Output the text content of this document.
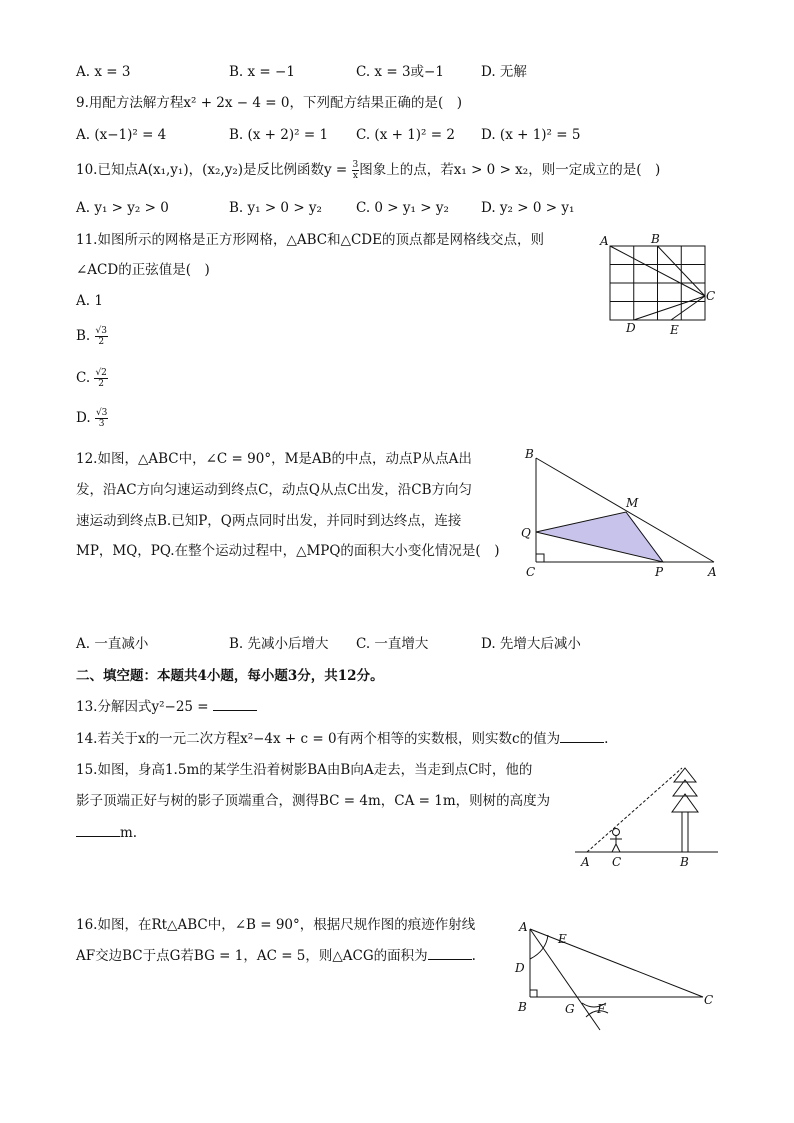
A. x = 3	B. x = −1	C. x = 3或−1	D. 无解
9.用配方法解方程x² + 2x − 4 = 0，下列配方结果正确的是(　)
A. (x−1)² = 4	B. (x + 2)² = 1 C. (x + 1)² = 2 D. (x + 1)² = 5
10.已知点A(x₁,y₁)，(x₂,y₂)是反比例函数$y = \frac{3}{x}$ 图象上的点，若x₁ > 0 > x₂，则一定成立的是(　)
A. y₁ > y₂ > 0	B. y₁ > 0 > y₂	C. 0 > y₁ > y₂ D. y₂ > 0 > y₁
11.如图所示的网格是正方形网格，△ABC和△CDE的顶点都是网格线交点，则
∠ACD的正弦值是(　)
A. 1
B. $\frac{√3}{2}$
C. $\frac{√2}{2}$
D. $\frac{√3}{3}$
A	B
C
D	E
12.如图，△ABC中，∠C = 90°，M是AB的中点，动点P从点A出
发，沿AC方向匀速运动到终点C，动点Q从点C出发，沿CB方向匀
速运动到终点B.已知P，Q两点同时出发，并同时到达终点，连接
MP，MQ，PQ.在整个运动过程中，△MPQ的面积大小变化情况是(　)
B
M
Q
C	P	A
A. 一直减小	B. 先减小后增大 C. 一直增大	D. 先增大后减小
二、填空题：本题共4小题，每小题3分，共12分。
13.分解因式y²−25 =
14.若关于x的一元二次方程x²−4x + c = 0有两个相等的实数根，则实数c的值为	.
15.如图，身高1.5m的某学生沿着树影BA由B向A走去，当走到点C时，他的
影子顶端正好与树的影子顶端重合，测得BC = 4m，CA = 1m，则树的高度为
m.
A C	B
16.如图，在Rt△ABC中，∠B = 90°，根据尺规作图的痕迹作射线
AF交边BC于点G若BG = 1，AC = 5，则△ACG的面积为	.
A
E
D
B	G F
C
